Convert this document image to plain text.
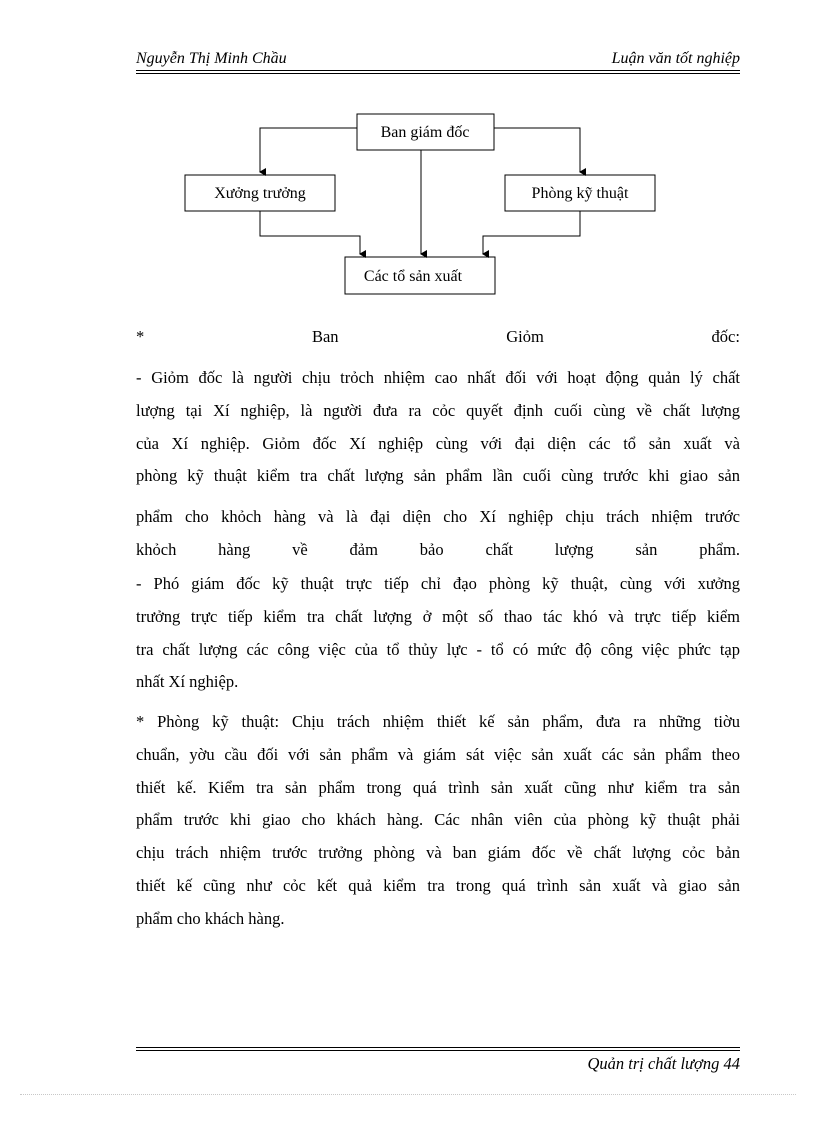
Nguyễn Thị Minh Chầu	Luận văn tốt nghiệp
Ban giám đốc
Xưởng trưởng	Phòng kỹ thuật
Các tổ sản xuất
*	Ban	Giỏm	đốc:
- Giỏm đốc là người chịu trỏch nhiệm cao nhất đối với hoạt động quản lý chất
lượng tại Xí nghiệp, là người đưa ra cỏc quyết định cuối cùng về chất lượng
của Xí nghiệp. Giỏm đốc Xí nghiệp cùng với đại diện các tổ sản xuất và
phòng kỹ thuật kiểm tra chất lượng sản phẩm lần cuối cùng trước khi giao sản
phẩm cho khỏch hàng và là đại diện cho Xí nghiệp chịu trách nhiệm trước
khỏch hàng về đảm bảo chất lượng sản phẩm.
- Phó giám đốc kỹ thuật trực tiếp chỉ đạo phòng kỹ thuật, cùng với xưởng
trưởng trực tiếp kiểm tra chất lượng ở một số thao tác khó và trực tiếp kiểm
tra chất lượng các công việc của tổ thủy lực - tổ có mức độ công việc phức tạp
nhất Xí nghiệp.
* Phòng kỹ thuật: Chịu trách nhiệm thiết kế sản phẩm, đưa ra những tiờu
chuẩn, yờu cầu đối với sản phẩm và giám sát việc sản xuất các sản phẩm theo
thiết kế. Kiểm tra sản phẩm trong quá trình sản xuất cũng như kiểm tra sản
phẩm trước khi giao cho khách hàng. Các nhân viên của phòng kỹ thuật phải
chịu trách nhiệm trước trưởng phòng và ban giám đốc về chất lượng cỏc bản
thiết kế cũng như cỏc kết quả kiểm tra trong quá trình sản xuất và giao sản
phẩm cho khách hàng.
Quản trị chất lượng 44
